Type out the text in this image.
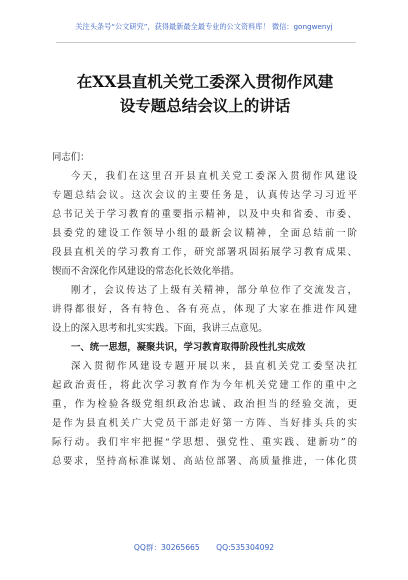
关注头条号“公文研究”，获得最新最全最专业的公文资料库！ 微信：gongwenyj
在XX县直机关党工委深入贯彻作风建
设专题总结会议上的讲话
同志们：
今天，我们在这里召开县直机关党工委深入贯彻作风建设
专题总结会议。这次会议的主要任务是，认真传达学习习近平
总书记关于学习教育的重要指示精神，以及中央和省委、市委、
县委党的建设工作领导小组的最新会议精神，全面总结前一阶
段县直机关的学习教育工作，研究部署巩固拓展学习教育成果、
锲而不舍深化作风建设的常态化长效化举措。
刚才，会议传达了上级有关精神，部分单位作了交流发言，
讲得都很好，各有特色、各有亮点，体现了大家在推进作风建
设上的深入思考和扎实实践。下面，我讲三点意见。
一、统一思想，凝聚共识，学习教育取得阶段性扎实成效
深入贯彻作风建设专题开展以来，县直机关党工委坚决扛
起政治责任，将此次学习教育作为今年机关党建工作的重中之
重，作为检验各级党组织政治忠诚、政治担当的经验交流，更
是作为县直机关广大党员干部走好第一方阵、当好排头兵的实
际行动。我们牢牢把握“学思想、强党性、重实践、建新功”的
总要求，坚持高标准谋划、高站位部署、高质量推进，一体化贯
QQ群：30265665 QQ:535304092
